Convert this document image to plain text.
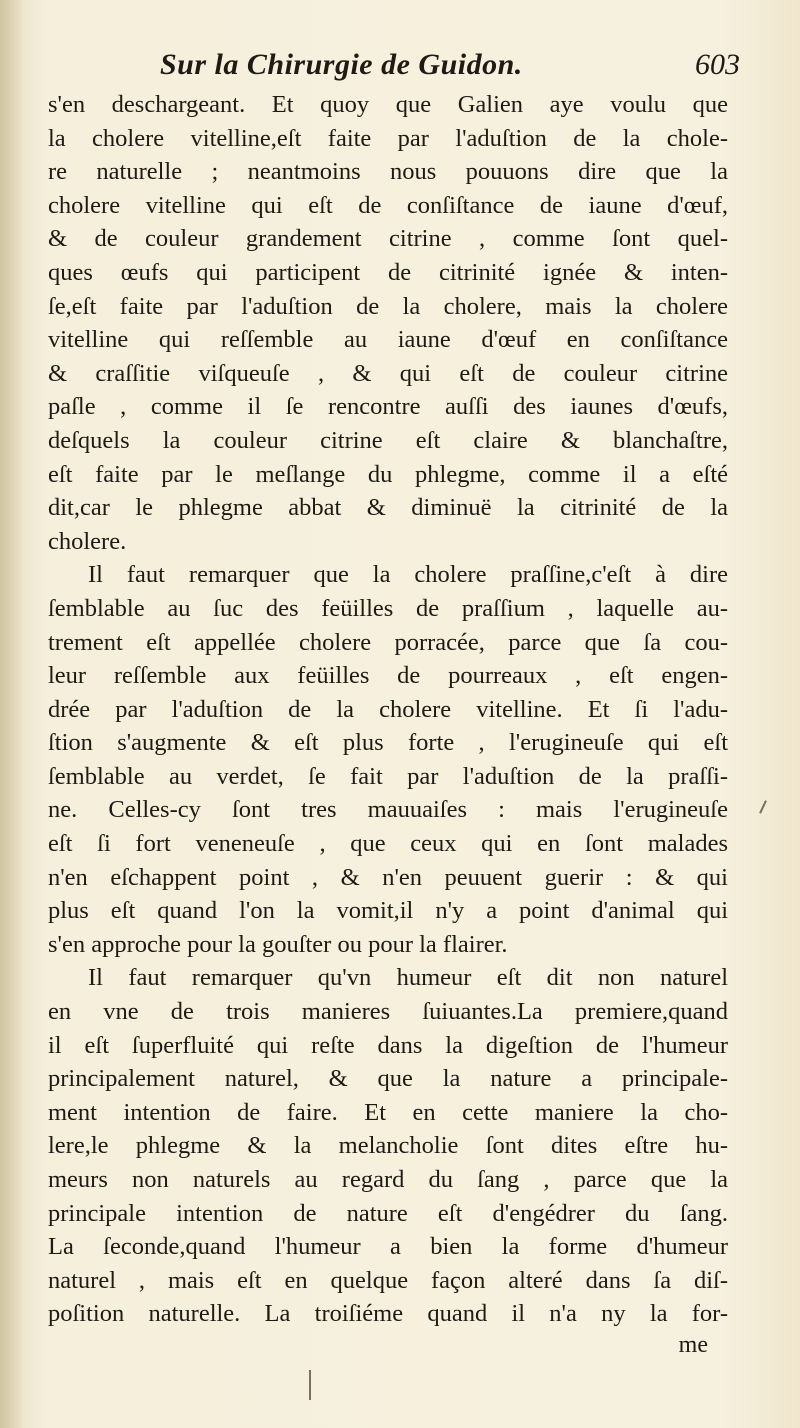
Sur la Chirurgie de Guidon.	603
s'en deschargeant. Et quoy que Galien aye voulu que
la cholere vitelline,eſt faite par l'aduſtion de la chole-
re naturelle ; neantmoins nous pouuons dire que la
cholere vitelline qui eſt de conſiſtance de iaune d'œuf,
& de couleur grandement citrine , comme ſont quel-
ques œufs qui participent de citrinité ignée & inten-
ſe,eſt faite par l'aduſtion de la cholere, mais la cholere
vitelline qui reſſemble au iaune d'œuf en conſiſtance
& craſſitie viſqueuſe , & qui eſt de couleur citrine
paſle , comme il ſe rencontre auſſi des iaunes d'œufs,
deſquels la couleur citrine eſt claire & blanchaſtre,
eſt faite par le meſlange du phlegme, comme il a eſté
dit,car le phlegme abbat & diminuë la citrinité de la
cholere.
Il faut remarquer que la cholere praſſine,c'eſt à dire
ſemblable au ſuc des feüilles de praſſium , laquelle au-
trement eſt appellée cholere porracée, parce que ſa cou-
leur reſſemble aux feüilles de pourreaux , eſt engen-
drée par l'aduſtion de la cholere vitelline. Et ſi l'adu-
ſtion s'augmente & eſt plus forte , l'erugineuſe qui eſt
ſemblable au verdet, ſe fait par l'aduſtion de la praſſi-
ne. Celles-cy ſont tres mauuaiſes : mais l'erugineuſe
eſt ſi fort veneneuſe , que ceux qui en ſont malades
n'en eſchappent point , & n'en peuuent guerir : & qui
plus eſt quand l'on la vomit,il n'y a point d'animal qui
s'en approche pour la gouſter ou pour la flairer.
Il faut remarquer qu'vn humeur eſt dit non naturel
en vne de trois manieres ſuiuantes.La premiere,quand
il eſt ſuperfluité qui reſte dans la digeſtion de l'humeur
principalement naturel, & que la nature a principale-
ment intention de faire. Et en cette maniere la cho-
lere,le phlegme & la melancholie ſont dites eſtre hu-
meurs non naturels au regard du ſang , parce que la
principale intention de nature eſt d'engédrer du ſang.
La ſeconde,quand l'humeur a bien la forme d'humeur
naturel , mais eſt en quelque façon alteré dans ſa diſ-
poſition naturelle. La troiſiéme quand il n'a ny la for-
me
